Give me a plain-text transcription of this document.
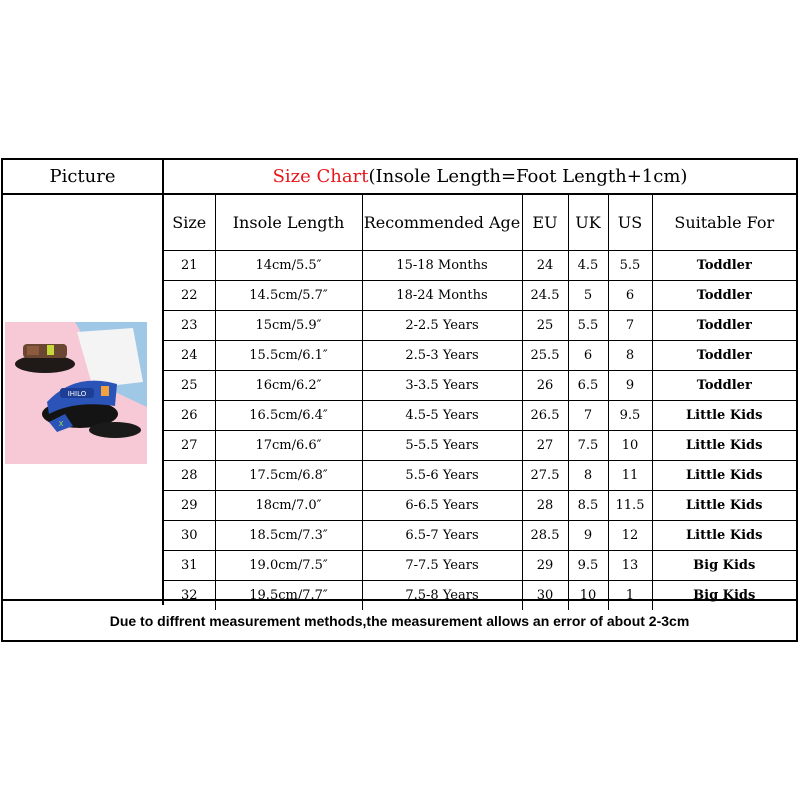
Picture	Size Chart (Insole Length=Foot Length+1cm)
IHILO
X
Size	Insole Length	Recommended Age	EU	UK	US	Suitable For
21	14cm/5.5″	15-18 Months	24	4.5	5.5	Toddler
22	14.5cm/5.7″	18-24 Months	24.5	5	6	Toddler
23	15cm/5.9″	2-2.5 Years	25	5.5	7	Toddler
24	15.5cm/6.1″	2.5-3 Years	25.5	6	8	Toddler
25	16cm/6.2″	3-3.5 Years	26	6.5	9	Toddler
26	16.5cm/6.4″	4.5-5 Years	26.5	7	9.5	Little Kids
27	17cm/6.6″	5-5.5 Years	27	7.5	10	Little Kids
28	17.5cm/6.8″	5.5-6 Years	27.5	8	11	Little Kids
29	18cm/7.0″	6-6.5 Years	28	8.5	11.5	Little Kids
30	18.5cm/7.3″	6.5-7 Years	28.5	9	12	Little Kids
31	19.0cm/7.5″	7-7.5 Years	29	9.5	13	Big Kids
32	19.5cm/7.7″	7.5-8 Years	30	10	1	Big Kids
Due to diffrent measurement methods,the measurement allows an error of about 2-3cm
